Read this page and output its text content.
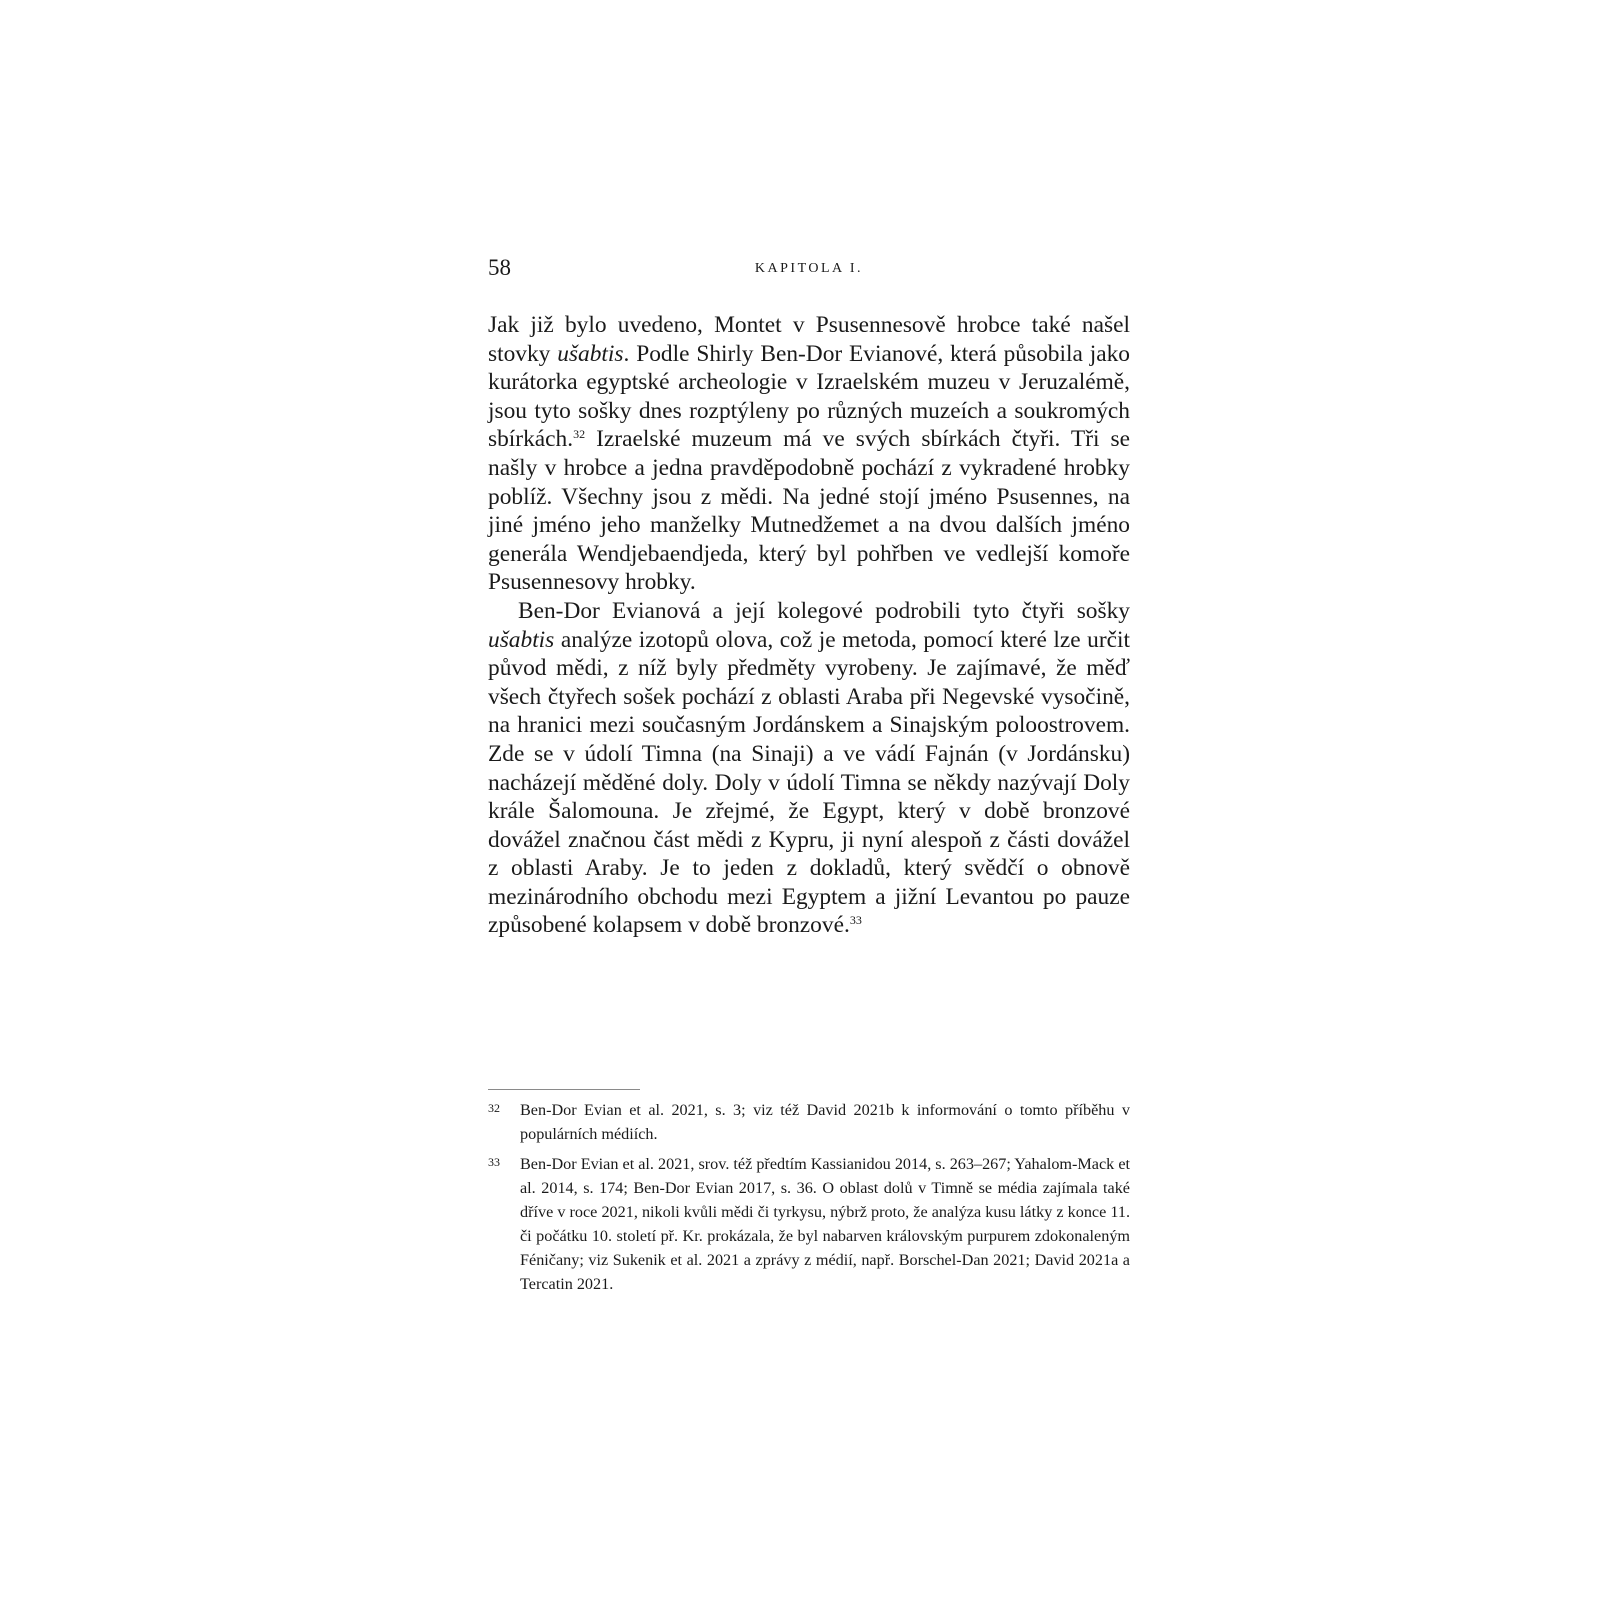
58	KAPITOLA I.

Jak již bylo uvedeno, Montet v Psusennesově hrobce také našel stovky ušabtis. Podle Shirly Ben-Dor Evianové, která působila jako kurátorka egyptské archeologie v Izraelském muzeu v Jeruzalémě, jsou tyto sošky dnes rozptýleny po různých muzeích a soukromých sbírkách.$^{32}$ Izraelské muzeum má ve svých sbírkách čtyři. Tři se našly v hrobce a jedna pravděpodobně pochází z vykradené hrobky poblíž. Všechny jsou z mědi. Na jedné stojí jméno Psusennes, na jiné jméno jeho manželky Mutnedžemet a na dvou dalších jméno generála Wendjebaendjeda, který byl pohřben ve vedlejší komoře Psusennesovy hrobky.

Ben-Dor Evianová a její kolegové podrobili tyto čtyři sošky ušabtis analýze izotopů olova, což je metoda, pomocí které lze určit původ mědi, z níž byly předměty vyrobeny. Je zajímavé, že měď všech čtyřech sošek pochází z oblasti Araba při Negevské vysočině, na hranici mezi současným Jordánskem a Sinajským poloostrovem. Zde se v údolí Timna (na Sinaji) a ve vádí Fajnán (v Jordánsku) nacházejí měděné doly. Doly v údolí Timna se někdy nazývají Doly krále Šalomouna. Je zřejmé, že Egypt, který v době bronzové dovážel značnou část mědi z Kypru, ji nyní alespoň z části dovážel z oblasti Araby. Je to jeden z dokladů, který svědčí o obnově mezinárodního obchodu mezi Egyptem a jižní Levantou po pauze způsobené kolapsem v době bronzové.$^{33}$

32 Ben-Dor Evian et al. 2021, s. 3; viz též David 2021b k informování o tomto příběhu v populárních médiích.
33 Ben-Dor Evian et al. 2021, srov. též předtím Kassianidou 2014, s. 263–267; Yahalom-Mack et al. 2014, s. 174; Ben-Dor Evian 2017, s. 36. O oblast dolů v Timně se média zajímala také dříve v roce 2021, nikoli kvůli mědi či tyrkysu, nýbrž proto, že analýza kusu látky z konce 11. či počátku 10. století př. Kr. prokázala, že byl nabarven královským purpurem zdokonaleným Féničany; viz Sukenik et al. 2021 a zprávy z médií, např. Borschel-Dan 2021; David 2021a a Tercatin 2021.
